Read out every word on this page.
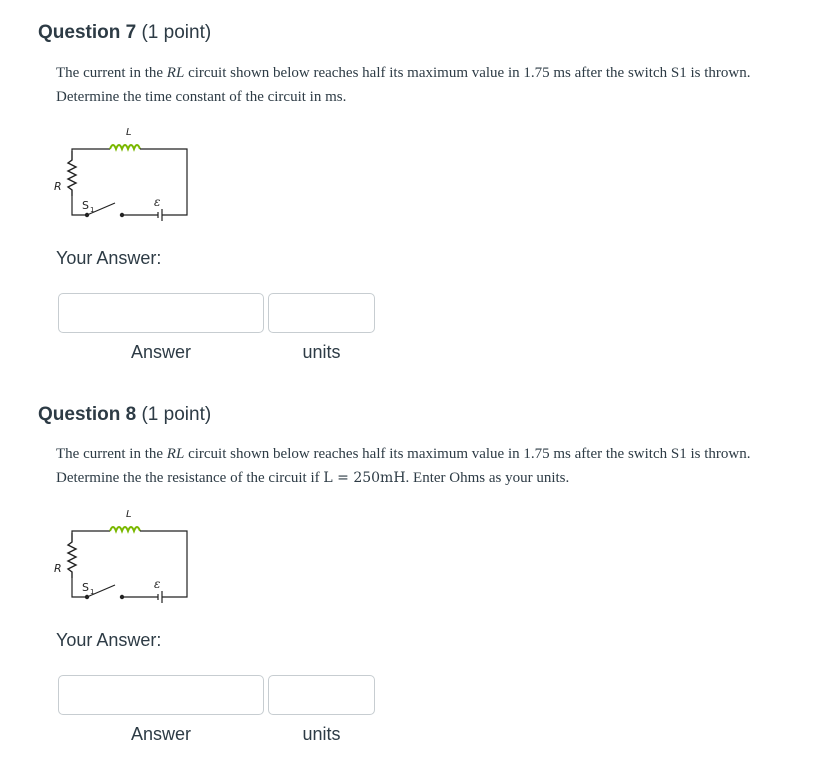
Question 7 (1 point)
The current in the RL circuit shown below reaches half its maximum value in 1.75 ms after the switch S1 is thrown. Determine the time constant of the circuit in ms.
L
R
S 1
ε
Your Answer:
Answer	units
Question 8 (1 point)
The current in the RL circuit shown below reaches half its maximum value in 1.75 ms after the switch S1 is thrown. Determine the the resistance of the circuit if L = 250mH. Enter Ohms as your units.
L
R
S 1
ε
Your Answer:
Answer	units
